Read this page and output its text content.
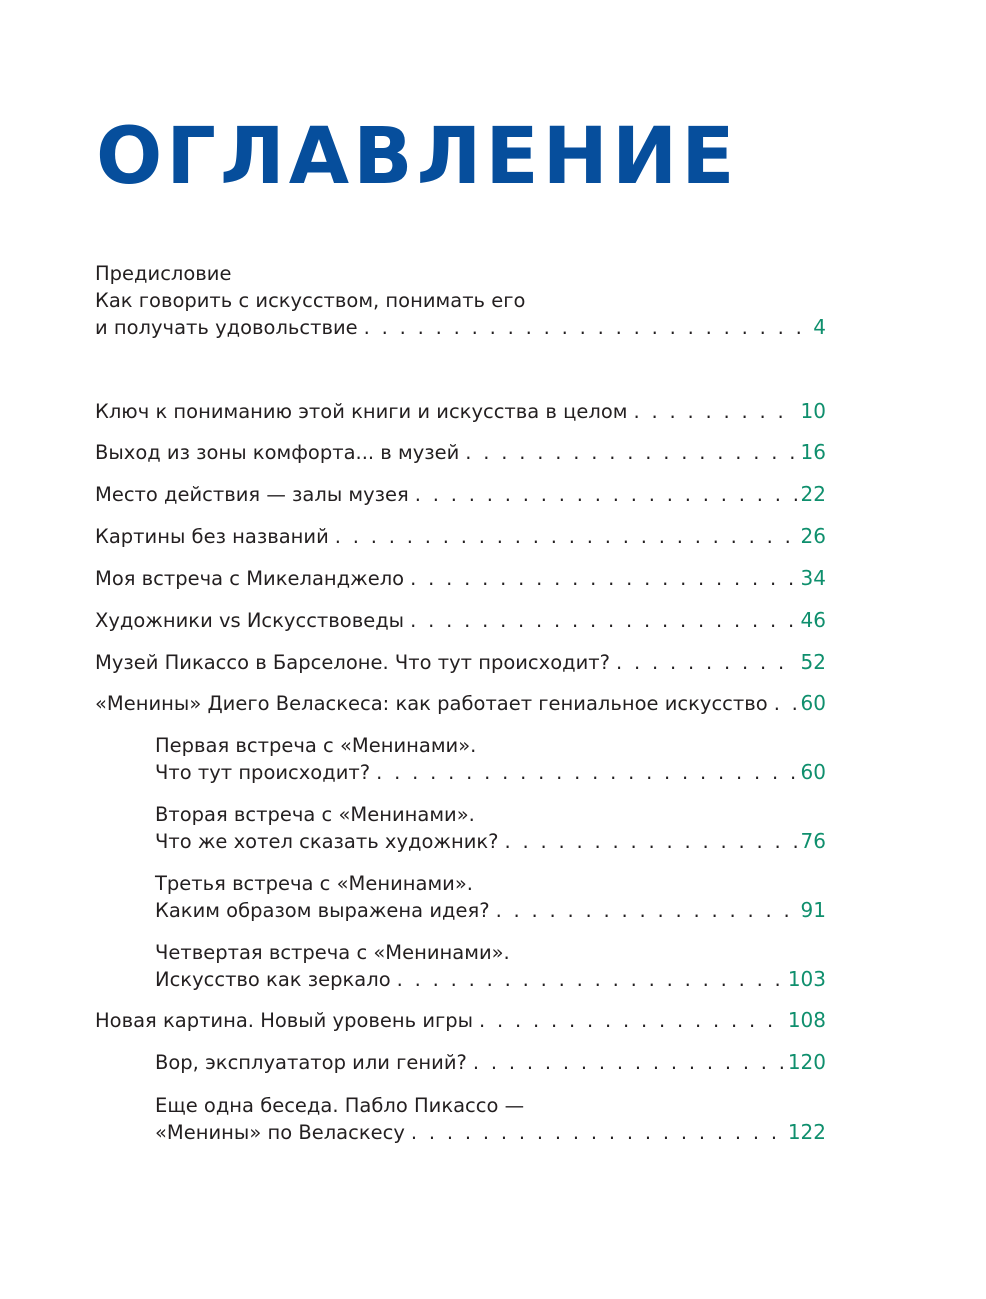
ОГЛАВЛЕНИЕ
Предисловие
Как говорить с искусством, понимать его
и получать удовольствие . . .	4
Ключ к пониманию этой книги и искусства в целом . . .	10
Выход из зоны комфорта... в музей . . .	16
Место действия — залы музея . . .	22
Картины без названий . . .	26
Моя встреча с Микеланджело . . .	34
Художники vs Искусствоведы . . .	46
Музей Пикассо в Барселоне. Что тут происходит? . . .	52
«Менины» Диего Веласкеса: как работает гениальное искусство . . . 60
Первая встреча с «Менинами».
Что тут происходит? . . .	60
Вторая встреча с «Менинами».
Что же хотел сказать художник? . . .	76
Третья встреча с «Менинами».
Каким образом выражена идея? . . .	91
Четвертая встреча с «Менинами».
Искусство как зеркало . . .	103
Новая картина. Новый уровень игры . . .	108
Вор, эксплуататор или гений? . . .	120
Еще одна беседа. Пабло Пикассо —
«Менины» по Веласкесу . . .	122
